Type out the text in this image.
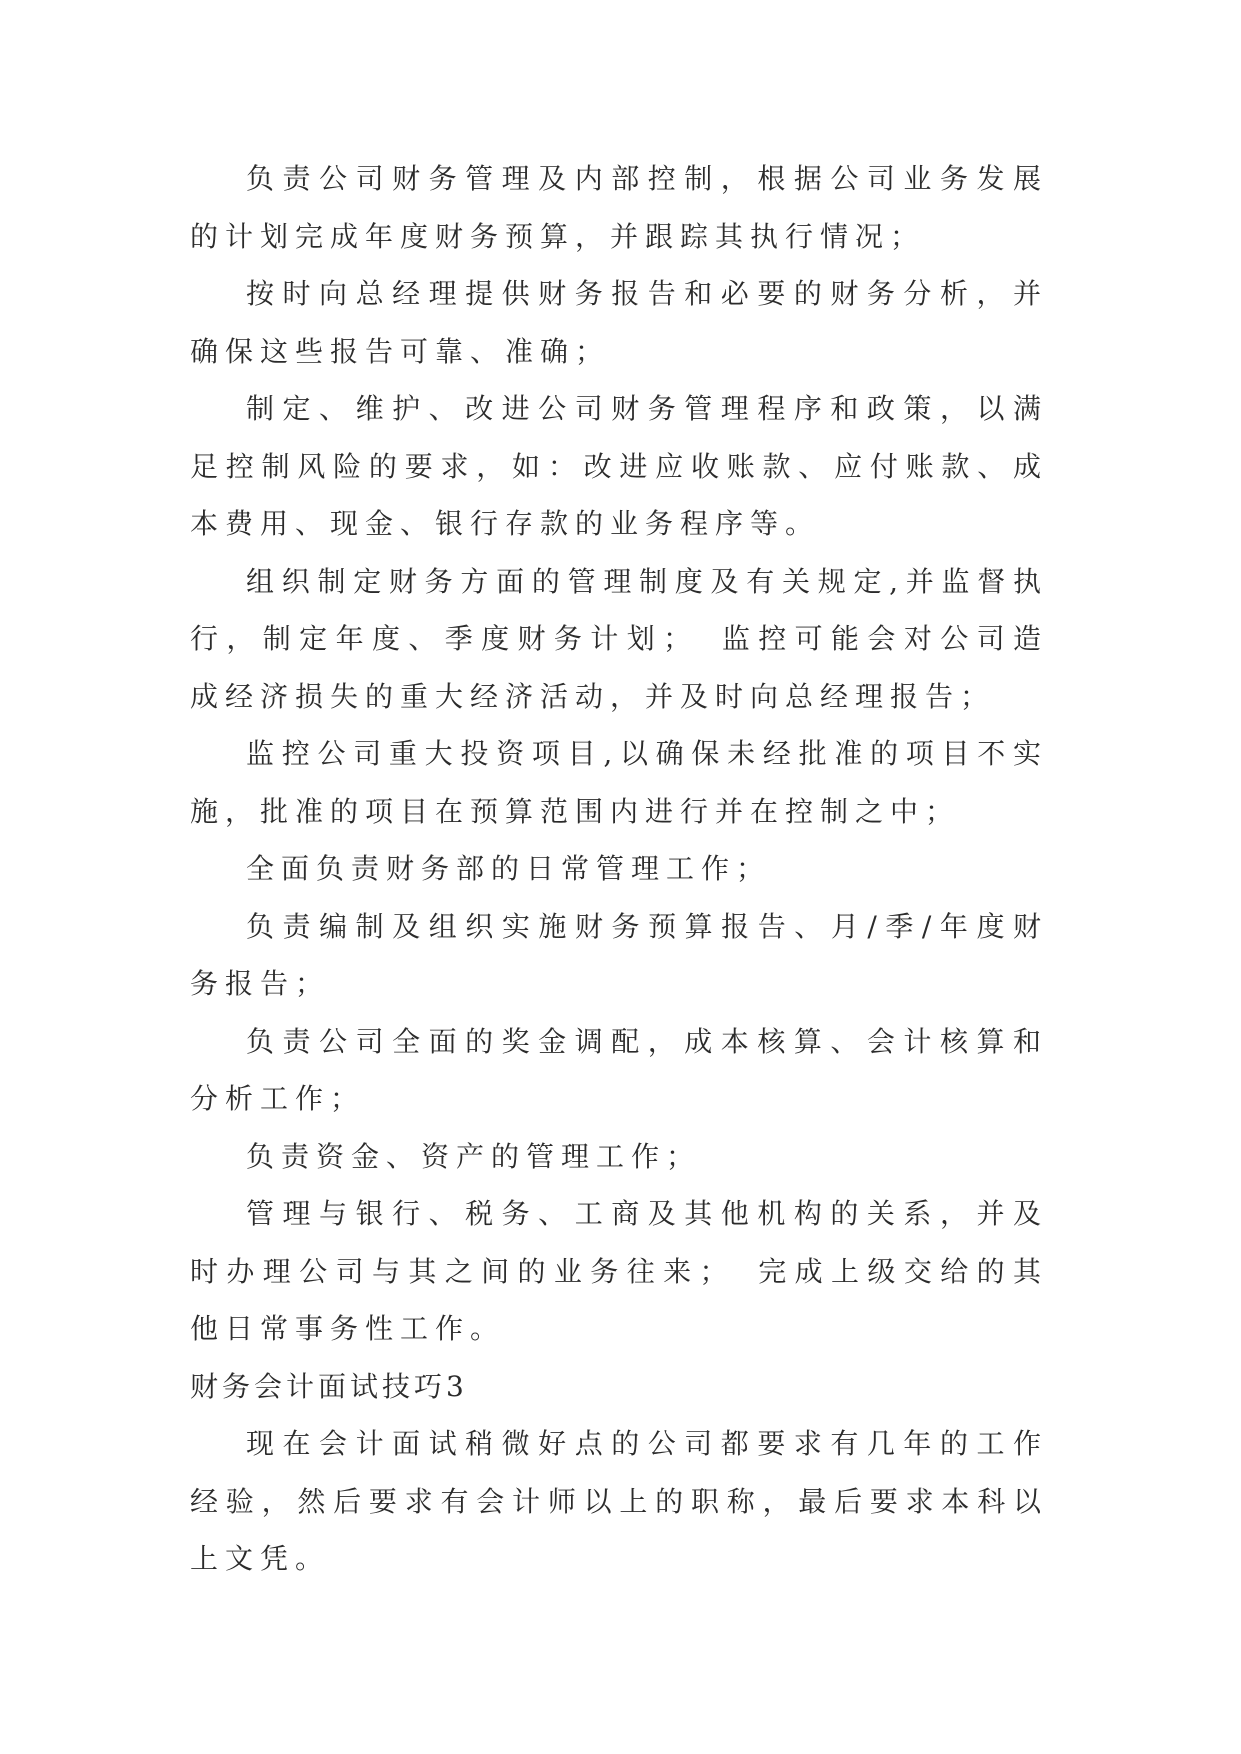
负责公司财务管理及内部控制，根据公司业务发展的计划完成年度财务预算，并跟踪其执行情况；

按时向总经理提供财务报告和必要的财务分析，并确保这些报告可靠、准确；

制定、维护、改进公司财务管理程序和政策，以满足控制风险的要求，如：改进应收账款、应付账款、成本费用、现金、银行存款的业务程序等。

组织制定财务方面的管理制度及有关规定,并监督执行，制定年度、季度财务计划；　监控可能会对公司造成经济损失的重大经济活动，并及时向总经理报告；

监控公司重大投资项目,以确保未经批准的项目不实施，批准的项目在预算范围内进行并在控制之中；

全面负责财务部的日常管理工作；

负责编制及组织实施财务预算报告、月/季/年度财务报告；

负责公司全面的奖金调配，成本核算、会计核算和分析工作；

负责资金、资产的管理工作；

管理与银行、税务、工商及其他机构的关系，并及时办理公司与其之间的业务往来；　完成上级交给的其他日常事务性工作。

财务会计面试技巧3

现在会计面试稍微好点的公司都要求有几年的工作经验，然后要求有会计师以上的职称，最后要求本科以上文凭。
